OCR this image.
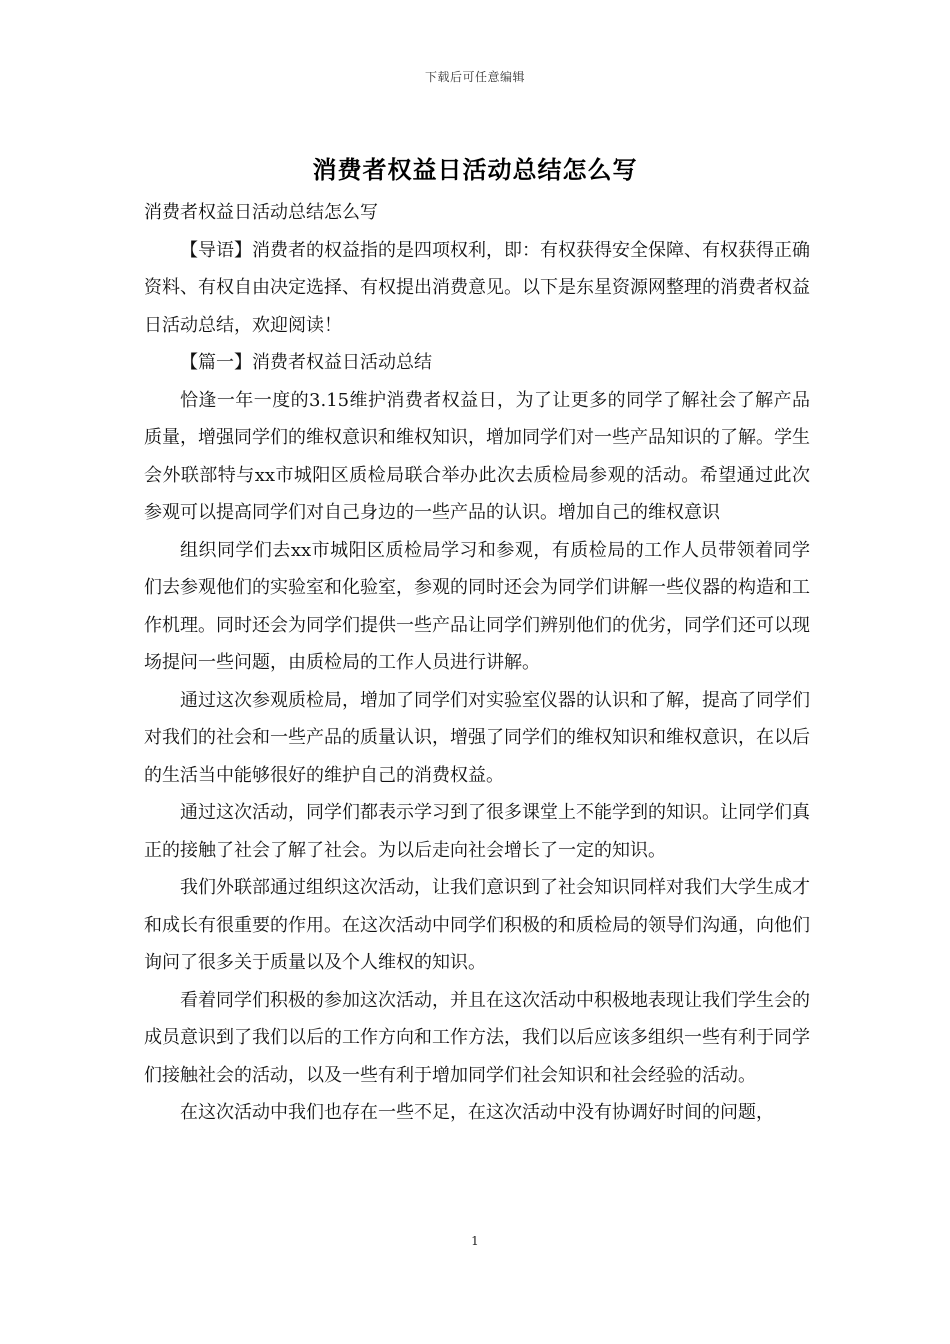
下载后可任意编辑
消费者权益日活动总结怎么写

消费者权益日活动总结怎么写

【导语】消费者的权益指的是四项权利，即：有权获得安全保障、有权获得正确资料、有权自由决定选择、有权提出消费意见。以下是东星资源网整理的消费者权益日活动总结，欢迎阅读！

【篇一】消费者权益日活动总结

恰逢一年一度的3.15维护消费者权益日，为了让更多的同学了解社会了解产品质量，增强同学们的维权意识和维权知识，增加同学们对一些产品知识的了解。学生会外联部特与xx市城阳区质检局联合举办此次去质检局参观的活动。希望通过此次参观可以提高同学们对自己身边的一些产品的认识。增加自己的维权意识

组织同学们去xx市城阳区质检局学习和参观，有质检局的工作人员带领着同学们去参观他们的实验室和化验室，参观的同时还会为同学们讲解一些仪器的构造和工作机理。同时还会为同学们提供一些产品让同学们辨别他们的优劣，同学们还可以现场提问一些问题，由质检局的工作人员进行讲解。

通过这次参观质检局，增加了同学们对实验室仪器的认识和了解，提高了同学们对我们的社会和一些产品的质量认识，增强了同学们的维权知识和维权意识，在以后的生活当中能够很好的维护自己的消费权益。

通过这次活动，同学们都表示学习到了很多课堂上不能学到的知识。让同学们真正的接触了社会了解了社会。为以后走向社会增长了一定的知识。

我们外联部通过组织这次活动，让我们意识到了社会知识同样对我们大学生成才和成长有很重要的作用。在这次活动中同学们积极的和质检局的领导们沟通，向他们询问了很多关于质量以及个人维权的知识。

看着同学们积极的参加这次活动，并且在这次活动中积极地表现让我们学生会的成员意识到了我们以后的工作方向和工作方法，我们以后应该多组织一些有利于同学们接触社会的活动，以及一些有利于增加同学们社会知识和社会经验的活动。

在这次活动中我们也存在一些不足，在这次活动中没有协调好时间的问题，

1
